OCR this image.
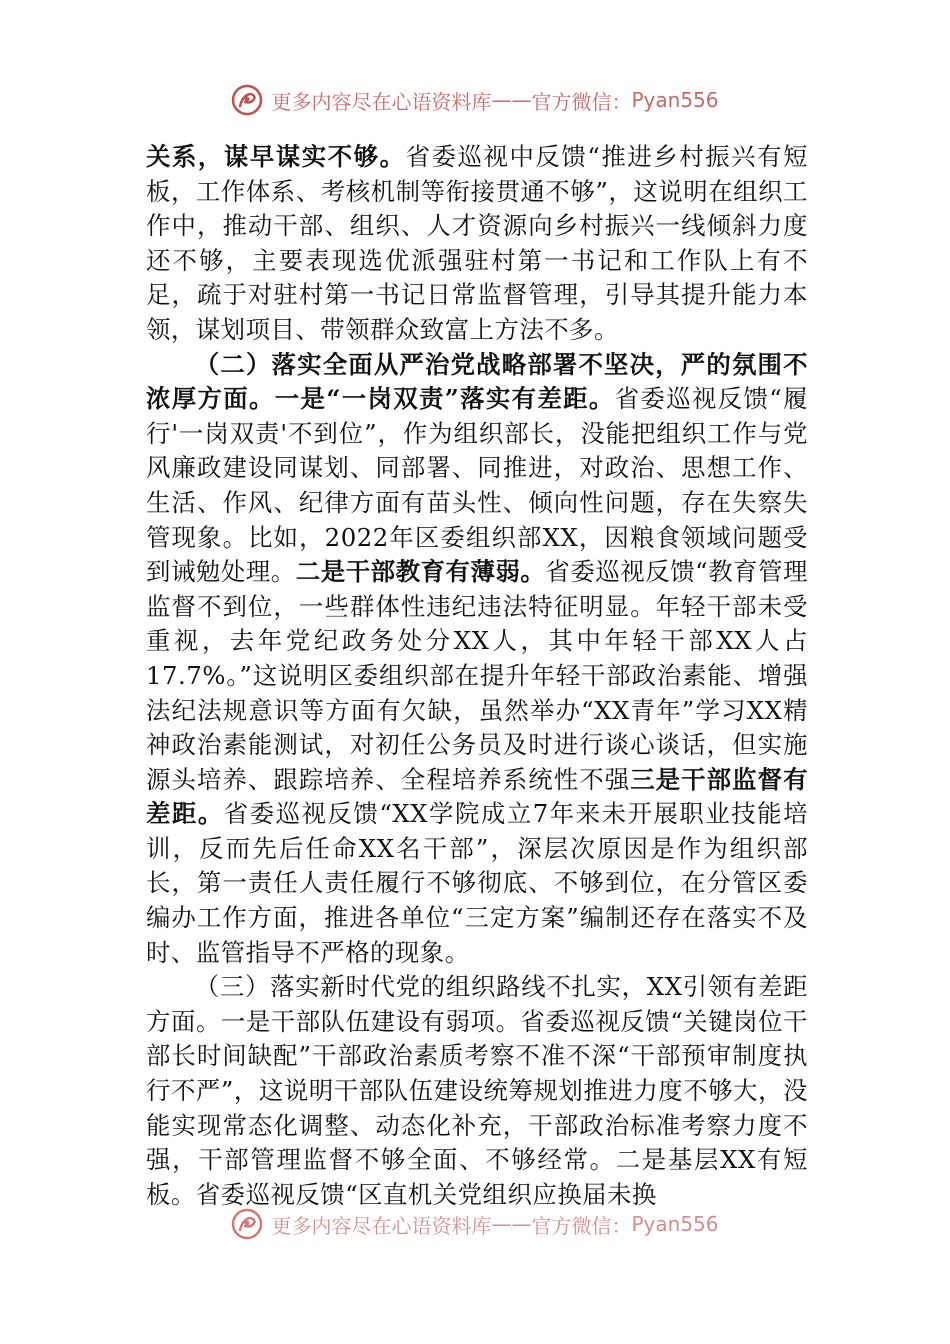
更多内容尽在心语资料库 —— 官方微信： Pyan556

关系，谋早谋实不够。省委巡视中反馈“推进乡村振兴有短板，工作体系、考核机制等衔接贯通不够”，这说明在组织工作中，推动干部、组织、人才资源向乡村振兴一线倾斜力度还不够，主要表现选优派强驻村第一书记和工作队上有不足，疏于对驻村第一书记日常监督管理，引导其提升能力本领，谋划项目、带领群众致富上方法不多。

（二）落实全面从严治党战略部署不坚决，严的氛围不浓厚方面。一是“一岗双责”落实有差距。省委巡视反馈“履行'一岗双责'不到位”，作为组织部长，没能把组织工作与党风廉政建设同谋划、同部署、同推进，对政治、思想工作、生活、作风、纪律方面有苗头性、倾向性问题，存在失察失管现象。比如，2022年区委组织部XX，因粮食领域问题受到诫勉处理。二是干部教育有薄弱。省委巡视反馈“教育管理监督不到位，一些群体性违纪违法特征明显。年轻干部未受重视，去年党纪政务处分XX人，其中年轻干部XX人占17.7%。”这说明区委组织部在提升年轻干部政治素能、增强法纪法规意识等方面有欠缺，虽然举办“XX青年”学习XX精神政治素能测试，对初任公务员及时进行谈心谈话，但实施源头培养、跟踪培养、全程培养系统性不强三是干部监督有差距。省委巡视反馈“XX学院成立7年来未开展职业技能培训，反而先后任命XX名干部”，深层次原因是作为组织部长，第一责任人责任履行不够彻底、不够到位，在分管区委编办工作方面，推进各单位“三定方案”编制还存在落实不及时、监管指导不严格的现象。

（三）落实新时代党的组织路线不扎实，XX引领有差距方面。一是干部队伍建设有弱项。省委巡视反馈“关键岗位干部长时间缺配”干部政治素质考察不准不深“干部预审制度执行不严”，这说明干部队伍建设统筹规划推进力度不够大，没能实现常态化调整、动态化补充，干部政治标准考察力度不强，干部管理监督不够全面、不够经常。二是基层XX有短板。省委巡视反馈“区直机关党组织应换届未换

更多内容尽在心语资料库 —— 官方微信： Pyan556
